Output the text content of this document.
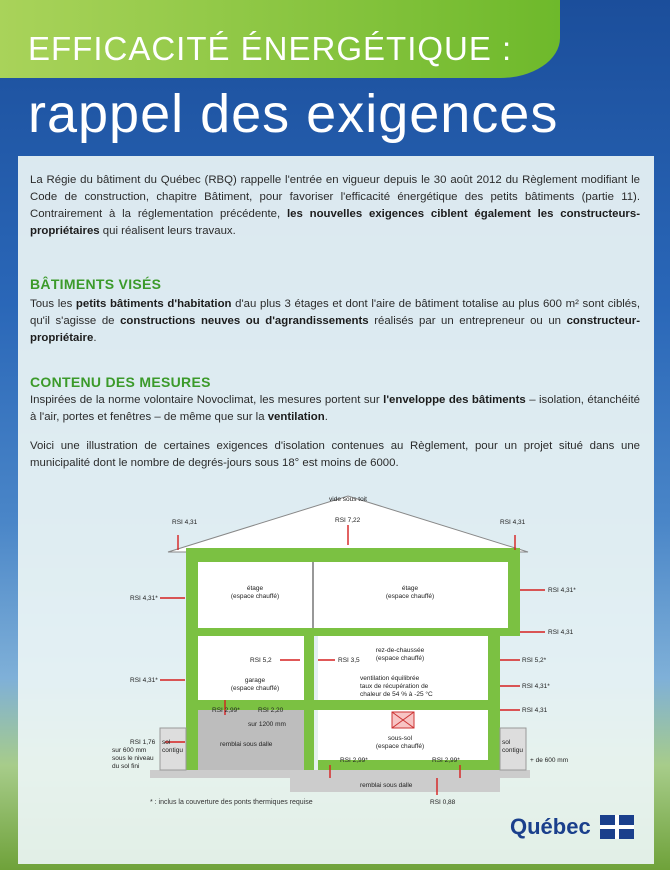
EFFICACITÉ ÉNERGÉTIQUE :
rappel des exigences
La Régie du bâtiment du Québec (RBQ) rappelle l'entrée en vigueur depuis le 30 août 2012 du Règlement modifiant le Code de construction, chapitre Bâtiment, pour favoriser l'efficacité énergétique des petits bâtiments (partie 11). Contrairement à la réglementation précédente, les nouvelles exigences ciblent également les constructeurs-propriétaires qui réalisent leurs travaux.
BÂTIMENTS VISÉS
Tous les petits bâtiments d'habitation d'au plus 3 étages et dont l'aire de bâtiment totalise au plus 600 m² sont ciblés, qu'il s'agisse de constructions neuves ou d'agrandissements réalisés par un entrepreneur ou un constructeur-propriétaire.
CONTENU DES MESURES
Inspirées de la norme volontaire Novoclimat, les mesures portent sur l'enveloppe des bâtiments – isolation, étanchéité à l'air, portes et fenêtres – de même que sur la ventilation.
Voici une illustration de certaines exigences d'isolation contenues au Règlement, pour un projet situé dans une municipalité dont le nombre de degrés-jours sous 18° est moins de 6000.
vide sous toit
RSI 4,31	RSI 7,22	RSI 4,31
RSI 4,31*
RSI 4,31*
RSI 4,31
RSI 5,2	RSI 3,5	RSI 5,2*
RSI 4,31*
RSI 4,31*
RSI 2,99*	RSI 2,20	RSI 4,31
RSI 1,76
RSI 2,99*	RSI 2,99*
RSI 0,88
étage
(espace chauffé)
étage
(espace chauffé)
rez-de-chaussée
(espace chauffé)
garage
(espace chauffé)
ventilation équilibrée
taux de récupération de
chaleur de 54 % à -25 °C
sous-sol
(espace chauffé)
sur 1200 mm
sol
contigu
sol
contigu
remblai sous dalle
remblai sous dalle
sur 600 mm
sous le niveau
du sol fini
+ de 600 mm
* : inclus la couverture des ponts thermiques requise
Québec
